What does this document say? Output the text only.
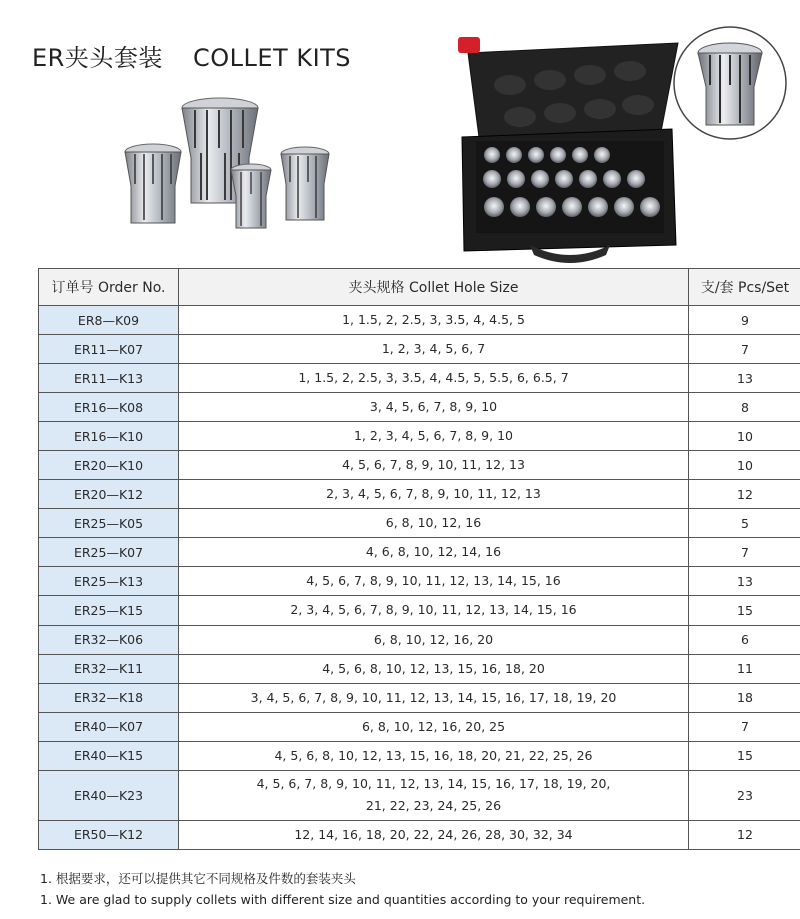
ER夹头套装 COLLET KITS
订单号 Order No.	夹头规格 Collet Hole Size	支/套 Pcs/Set
ER8—K09	1, 1.5, 2, 2.5, 3, 3.5, 4, 4.5, 5	9
ER11—K07	1, 2, 3, 4, 5, 6, 7	7
ER11—K13	1, 1.5, 2, 2.5, 3, 3.5, 4, 4.5, 5, 5.5, 6, 6.5, 7	13
ER16—K08	3, 4, 5, 6, 7, 8, 9, 10	8
ER16—K10	1, 2, 3, 4, 5, 6, 7, 8, 9, 10	10
ER20—K10	4, 5, 6, 7, 8, 9, 10, 11, 12, 13	10
ER20—K12	2, 3, 4, 5, 6, 7, 8, 9, 10, 11, 12, 13	12
ER25—K05	6, 8, 10, 12, 16	5
ER25—K07	4, 6, 8, 10, 12, 14, 16	7
ER25—K13	4, 5, 6, 7, 8, 9, 10, 11, 12, 13, 14, 15, 16	13
ER25—K15	2, 3, 4, 5, 6, 7, 8, 9, 10, 11, 12, 13, 14, 15, 16	15
ER32—K06	6, 8, 10, 12, 16, 20	6
ER32—K11	4, 5, 6, 8, 10, 12, 13, 15, 16, 18, 20	11
ER32—K18	3, 4, 5, 6, 7, 8, 9, 10, 11, 12, 13, 14, 15, 16, 17, 18, 19, 20	18
ER40—K07	6, 8, 10, 12, 16, 20, 25	7
ER40—K15	4, 5, 6, 8, 10, 12, 13, 15, 16, 18, 20, 21, 22, 25, 26	15
ER40—K23	4, 5, 6, 7, 8, 9, 10, 11, 12, 13, 14, 15, 16, 17, 18, 19, 20,
21, 22, 23, 24, 25, 26	23
ER50—K12	12, 14, 16, 18, 20, 22, 24, 26, 28, 30, 32, 34	12
1. 根据要求，还可以提供其它不同规格及件数的套装夹头
1. We are glad to supply collets with different size and quantities according to your requirement.
